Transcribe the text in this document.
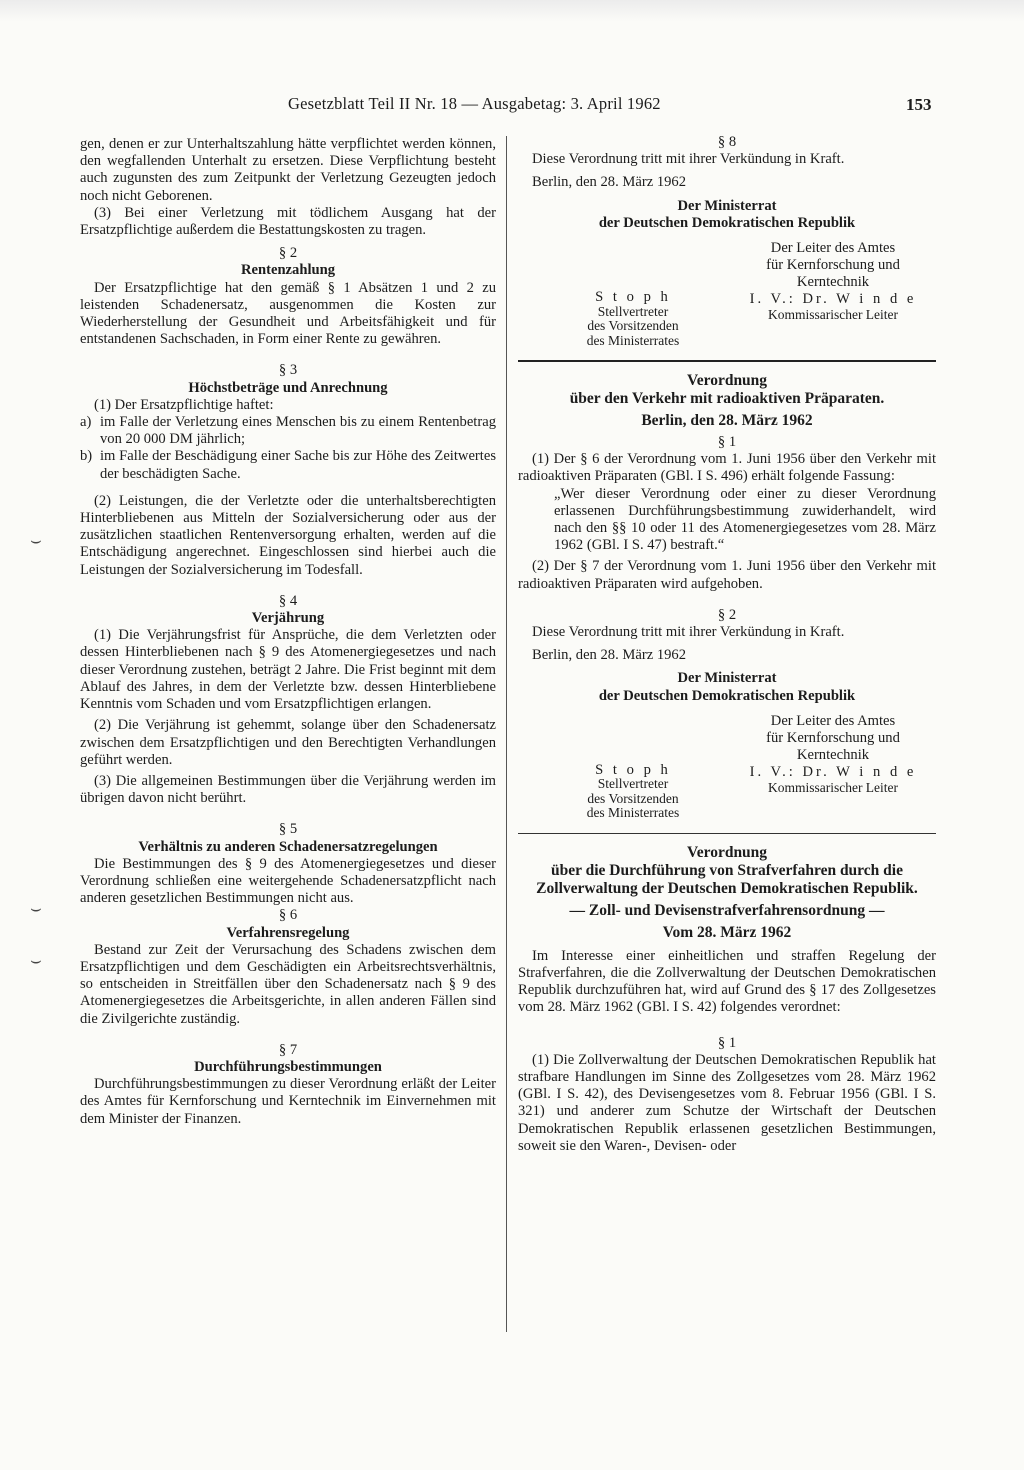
Gesetzblatt Teil II Nr. 18 — Ausgabetag: 3. April 1962	153
⌣
⌣
⌣

gen, denen er zur Unterhaltszahlung hätte verpflichtet werden können, den wegfallenden Unterhalt zu ersetzen. Diese Verpflichtung besteht auch zugunsten des zum Zeitpunkt der Verletzung Gezeugten jedoch noch nicht Geborenen.

(3) Bei einer Verletzung mit tödlichem Ausgang hat der Ersatzpflichtige außerdem die Bestattungskosten zu tragen.

§ 2

Rentenzahlung

Der Ersatzpflichtige hat den gemäß § 1 Absätzen 1 und 2 zu leistenden Schadenersatz, ausgenommen die Kosten zur Wiederherstellung der Gesundheit und Arbeitsfähigkeit und für entstandenen Sachschaden, in Form einer Rente zu gewähren.

§ 3

Höchstbeträge und Anrechnung

(1) Der Ersatzpflichtige haftet:

a) im Falle der Verletzung eines Menschen bis zu einem Rentenbetrag von 20 000 DM jährlich;
b) im Falle der Beschädigung einer Sache bis zur Höhe des Zeitwertes der beschädigten Sache.

(2) Leistungen, die der Verletzte oder die unterhaltsberechtigten Hinterbliebenen aus Mitteln der Sozialversicherung oder aus der zusätzlichen staatlichen Rentenversorgung erhalten, werden auf die Entschädigung angerechnet. Eingeschlossen sind hierbei auch die Leistungen der Sozialversicherung im Todesfall.

§ 4

Verjährung

(1) Die Verjährungsfrist für Ansprüche, die dem Verletzten oder dessen Hinterbliebenen nach § 9 des Atomenergiegesetzes und nach dieser Verordnung zustehen, beträgt 2 Jahre. Die Frist beginnt mit dem Ablauf des Jahres, in dem der Verletzte bzw. dessen Hinterbliebene Kenntnis vom Schaden und vom Ersatzpflichtigen erlangen.

(2) Die Verjährung ist gehemmt, solange über den Schadenersatz zwischen dem Ersatzpflichtigen und den Berechtigten Verhandlungen geführt werden.

(3) Die allgemeinen Bestimmungen über die Verjährung werden im übrigen davon nicht berührt.

§ 5

Verhältnis zu anderen Schadenersatzregelungen

Die Bestimmungen des § 9 des Atomenergiegesetzes und dieser Verordnung schließen eine weitergehende Schadenersatzpflicht nach anderen gesetzlichen Bestimmungen nicht aus.

§ 6

Verfahrensregelung

Bestand zur Zeit der Verursachung des Schadens zwischen dem Ersatzpflichtigen und dem Geschädigten ein Arbeitsrechtsverhältnis, so entscheiden in Streitfällen über den Schadenersatz nach § 9 des Atomenergiegesetzes die Arbeitsgerichte, in allen anderen Fällen sind die Zivilgerichte zuständig.

§ 7

Durchführungsbestimmungen

Durchführungsbestimmungen zu dieser Verordnung erläßt der Leiter des Amtes für Kernforschung und Kerntechnik im Einvernehmen mit dem Minister der Finanzen.

§ 8

Diese Verordnung tritt mit ihrer Verkündung in Kraft.

Berlin, den 28. März 1962

Der Ministerrat

der Deutschen Demokratischen Republik

Der Leiter des Amtes
für Kernforschung und
Kerntechnik
S t o p h
Stellvertreter
des Vorsitzenden
des Ministerrates
I. V.: Dr. W i n d e
Kommissarischer Leiter

Verordnung

über den Verkehr mit radioaktiven Präparaten.

Berlin, den 28. März 1962

§ 1

(1) Der § 6 der Verordnung vom 1. Juni 1956 über den Verkehr mit radioaktiven Präparaten (GBl. I S. 496) erhält folgende Fassung:

„Wer dieser Verordnung oder einer zu dieser Verordnung erlassenen Durchführungsbestimmung zuwiderhandelt, wird nach den §§ 10 oder 11 des Atomenergiegesetzes vom 28. März 1962 (GBl. I S. 47) bestraft.“

(2) Der § 7 der Verordnung vom 1. Juni 1956 über den Verkehr mit radioaktiven Präparaten wird aufgehoben.

§ 2

Diese Verordnung tritt mit ihrer Verkündung in Kraft.

Berlin, den 28. März 1962

Der Ministerrat

der Deutschen Demokratischen Republik

Der Leiter des Amtes
für Kernforschung und
Kerntechnik
S t o p h
Stellvertreter
des Vorsitzenden
des Ministerrates
I. V.: Dr. W i n d e
Kommissarischer Leiter

Verordnung

über die Durchführung von Strafverfahren durch die Zollverwaltung der Deutschen Demokratischen Republik.

— Zoll- und Devisenstrafverfahrensordnung —

Vom 28. März 1962

Im Interesse einer einheitlichen und straffen Regelung der Strafverfahren, die die Zollverwaltung der Deutschen Demokratischen Republik durchzuführen hat, wird auf Grund des § 17 des Zollgesetzes vom 28. März 1962 (GBl. I S. 42) folgendes verordnet:

§ 1

(1) Die Zollverwaltung der Deutschen Demokratischen Republik hat strafbare Handlungen im Sinne des Zollgesetzes vom 28. März 1962 (GBl. I S. 42), des Devisengesetzes vom 8. Februar 1956 (GBl. I S. 321) und anderer zum Schutze der Wirtschaft der Deutschen Demokratischen Republik erlassenen gesetzlichen Bestimmungen, soweit sie den Waren-, Devisen- oder
